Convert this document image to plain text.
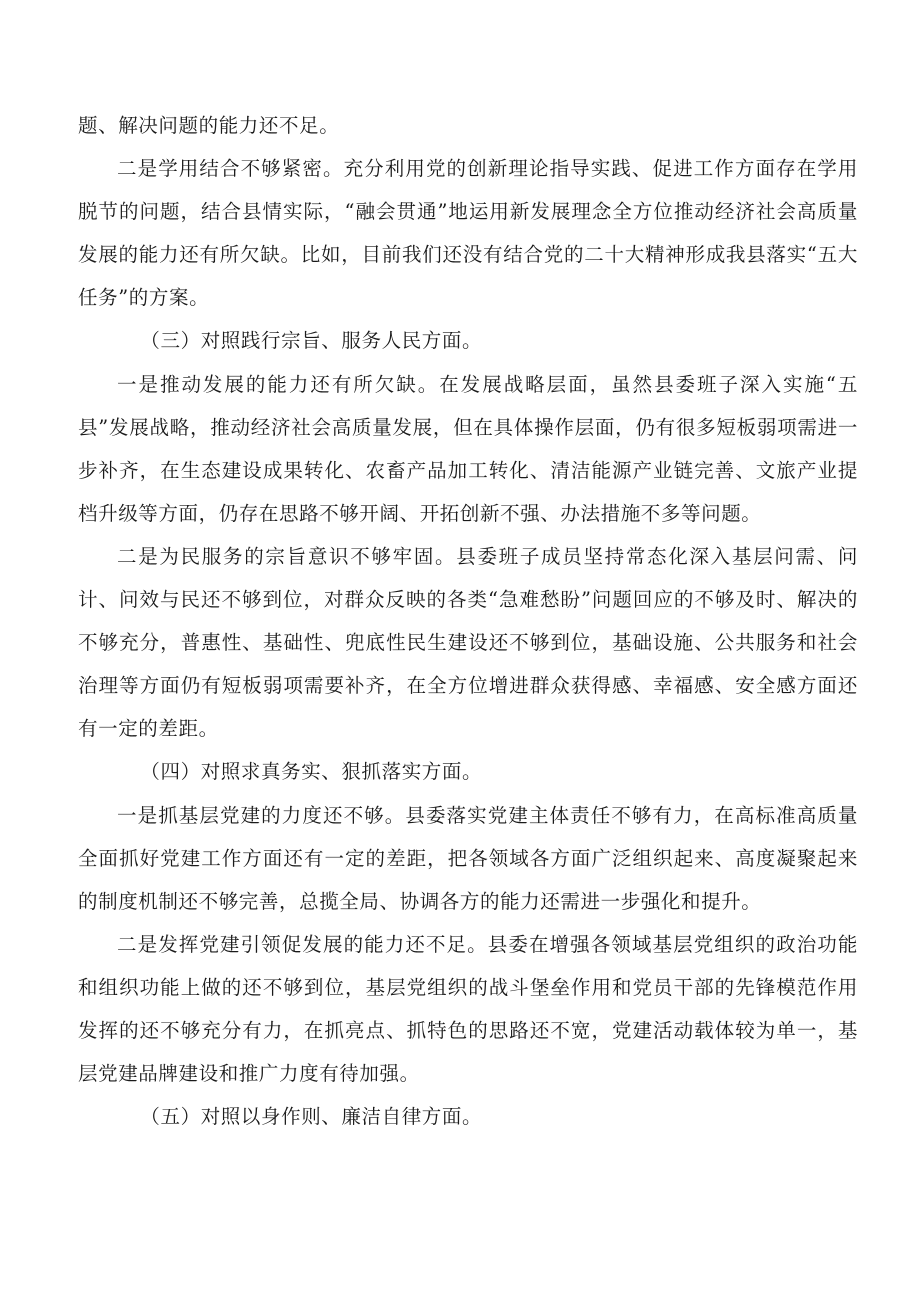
题、解决问题的能力还不足。

二是学用结合不够紧密。充分利用党的创新理论指导实践、促进工作方面存在学用脱节的问题，结合县情实际，“融会贯通”地运用新发展理念全方位推动经济社会高质量发展的能力还有所欠缺。比如，目前我们还没有结合党的二十大精神形成我县落实“五大任务”的方案。

（三）对照践行宗旨、服务人民方面。

一是推动发展的能力还有所欠缺。在发展战略层面，虽然县委班子深入实施“五县”发展战略，推动经济社会高质量发展，但在具体操作层面，仍有很多短板弱项需进一步补齐，在生态建设成果转化、农畜产品加工转化、清洁能源产业链完善、文旅产业提档升级等方面，仍存在思路不够开阔、开拓创新不强、办法措施不多等问题。

二是为民服务的宗旨意识不够牢固。县委班子成员坚持常态化深入基层问需、问计、问效与民还不够到位，对群众反映的各类“急难愁盼”问题回应的不够及时、解决的不够充分，普惠性、基础性、兜底性民生建设还不够到位，基础设施、公共服务和社会治理等方面仍有短板弱项需要补齐，在全方位增进群众获得感、幸福感、安全感方面还有一定的差距。

（四）对照求真务实、狠抓落实方面。

一是抓基层党建的力度还不够。县委落实党建主体责任不够有力，在高标准高质量全面抓好党建工作方面还有一定的差距，把各领域各方面广泛组织起来、高度凝聚起来的制度机制还不够完善，总揽全局、协调各方的能力还需进一步强化和提升。

二是发挥党建引领促发展的能力还不足。县委在增强各领域基层党组织的政治功能和组织功能上做的还不够到位，基层党组织的战斗堡垒作用和党员干部的先锋模范作用发挥的还不够充分有力，在抓亮点、抓特色的思路还不宽，党建活动载体较为单一，基层党建品牌建设和推广力度有待加强。

（五）对照以身作则、廉洁自律方面。
